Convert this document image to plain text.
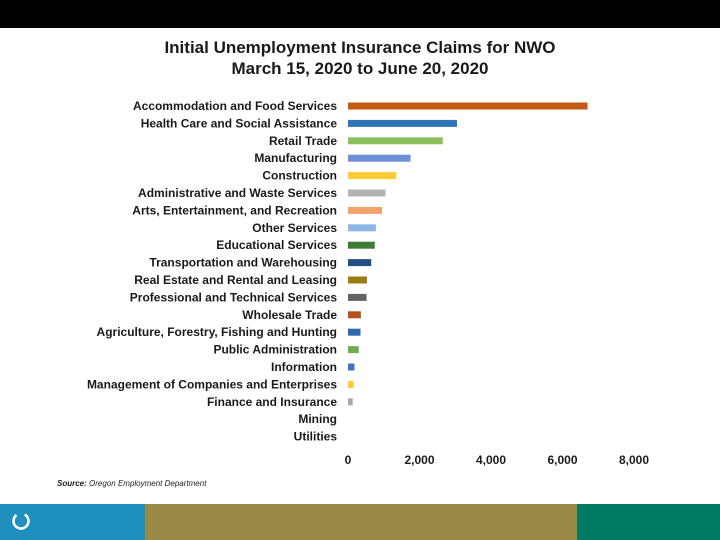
Initial Unemployment Insurance Claims for NWO
March 15, 2020 to June 20, 2020
Accommodation and Food Services
Health Care and Social Assistance
Retail Trade
Manufacturing
Construction
Administrative and Waste Services
Arts, Entertainment, and Recreation
Other Services
Educational Services
Transportation and Warehousing
Real Estate and Rental and Leasing
Professional and Technical Services
Wholesale Trade
Agriculture, Forestry, Fishing and Hunting
Public Administration
Information
Management of Companies and Enterprises
Finance and Insurance
Mining
Utilities
0	2,000	4,000	6,000	8,000
Source: Oregon Employment Department
